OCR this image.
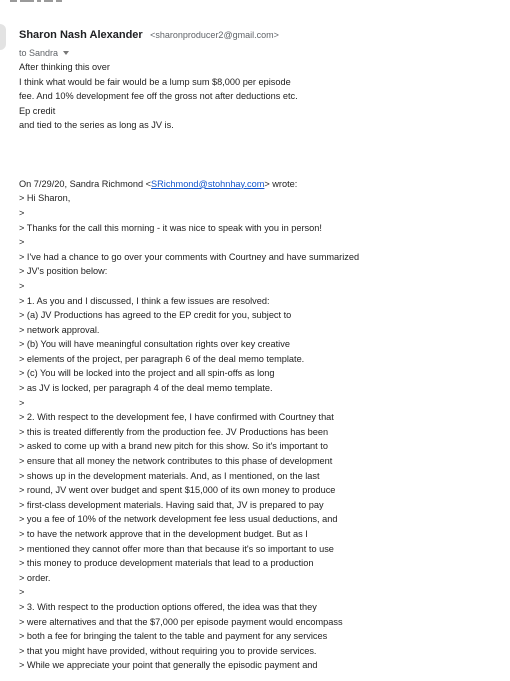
Sharon Nash Alexander <sharonproducer2@gmail.com>
to Sandra
After thinking this over
I think what would be fair would be a lump sum $8,000 per episode
fee. And 10% development fee off the gross not after deductions etc.
Ep credit
and tied to the series as long as JV is.
On 7/29/20, Sandra Richmond <SRichmond@stohnhay.com> wrote:
> Hi Sharon,
>
> Thanks for the call this morning - it was nice to speak with you in person!
>
> I've had a chance to go over your comments with Courtney and have summarized
> JV's position below:
>
> 1. As you and I discussed, I think a few issues are resolved:
> (a) JV Productions has agreed to the EP credit for you, subject to
> network approval.
> (b) You will have meaningful consultation rights over key creative
> elements of the project, per paragraph 6 of the deal memo template.
> (c) You will be locked into the project and all spin-offs as long
> as JV is locked, per paragraph 4 of the deal memo template.
>
> 2. With respect to the development fee, I have confirmed with Courtney that
> this is treated differently from the production fee. JV Productions has been
> asked to come up with a brand new pitch for this show. So it's important to
> ensure that all money the network contributes to this phase of development
> shows up in the development materials. And, as I mentioned, on the last
> round, JV went over budget and spent $15,000 of its own money to produce
> first-class development materials. Having said that, JV is prepared to pay
> you a fee of 10% of the network development fee less usual deductions, and
> to have the network approve that in the development budget. But as I
> mentioned they cannot offer more than that because it's so important to use
> this money to produce development materials that lead to a production
> order.
>
> 3. With respect to the production options offered, the idea was that they
> were alternatives and that the $7,000 per episode payment would encompass
> both a fee for bringing the talent to the table and payment for any services
> that you might have provided, without requiring you to provide services.
> While we appreciate your point that generally the episodic payment and
